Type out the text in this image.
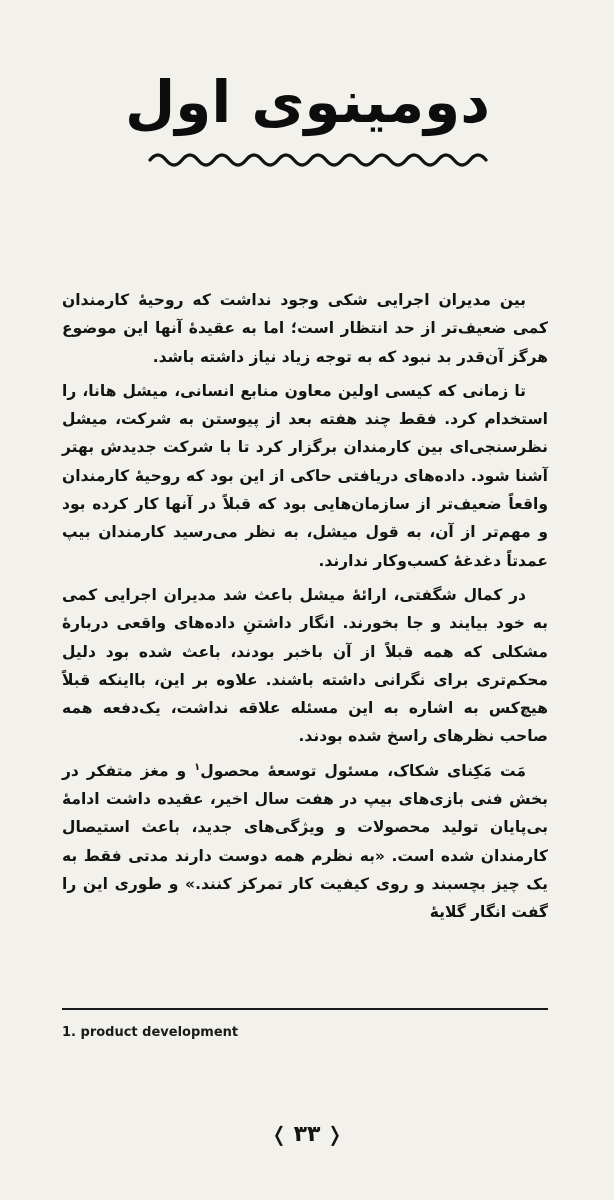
دومینوی اول

بین مدیران اجرایی شکی وجود نداشت که روحیهٔ کارمندان کمی ضعیف‌تر از حد انتظار است؛ اما به عقیدهٔ آنها این موضوع هرگز آن‌قدر بد نبود که به توجه زیاد نیاز داشته باشد.

تا زمانی که کیسی اولین معاون منابع انسانی، میشل هانا، را استخدام کرد. فقط چند هفته بعد از پیوستن به شرکت، میشل نظرسنجی‌ای بین کارمندان برگزار کرد تا با شرکت جدیدش بهتر آشنا شود. داده‌های دریافتی حاکی از این بود که روحیهٔ کارمندان واقعاً ضعیف‌تر از سازمان‌هایی بود که قبلاً در آنها کار کرده بود و مهم‌تر از آن، به قول میشل، به نظر می‌رسید کارمندان بیپ عمدتاً دغدغهٔ کسب‌وکار ندارند.

در کمال شگفتی، ارائهٔ میشل باعث شد مدیران اجرایی کمی به خود بیایند و جا بخورند. انگار داشتنِ داده‌های واقعی دربارهٔ مشکلی که همه قبلاً از آن باخبر بودند، باعث شده بود دلیل محکم‌تری برای نگرانی داشته باشند. علاوه بر این، بااینکه قبلاً هیچ‌کس به اشاره به این مسئله علاقه نداشت، یک‌دفعه همه صاحب نظرهای راسخ شده بودند.

مَت مَکِنای شکاک، مسئول توسعهٔ محصول$^۱$ و مغز متفکر در بخش فنی بازی‌های بیپ در هفت سال اخیر، عقیده داشت ادامهٔ بی‌پایان تولید محصولات و ویژگی‌های جدید، باعث استیصال کارمندان شده است. «به نظرم همه دوست دارند مدتی فقط به یک چیز بچسبند و روی کیفیت کار تمرکز کنند.» و طوری این را گفت انگار گلایهٔ

1. product development
❬۳۳❭
